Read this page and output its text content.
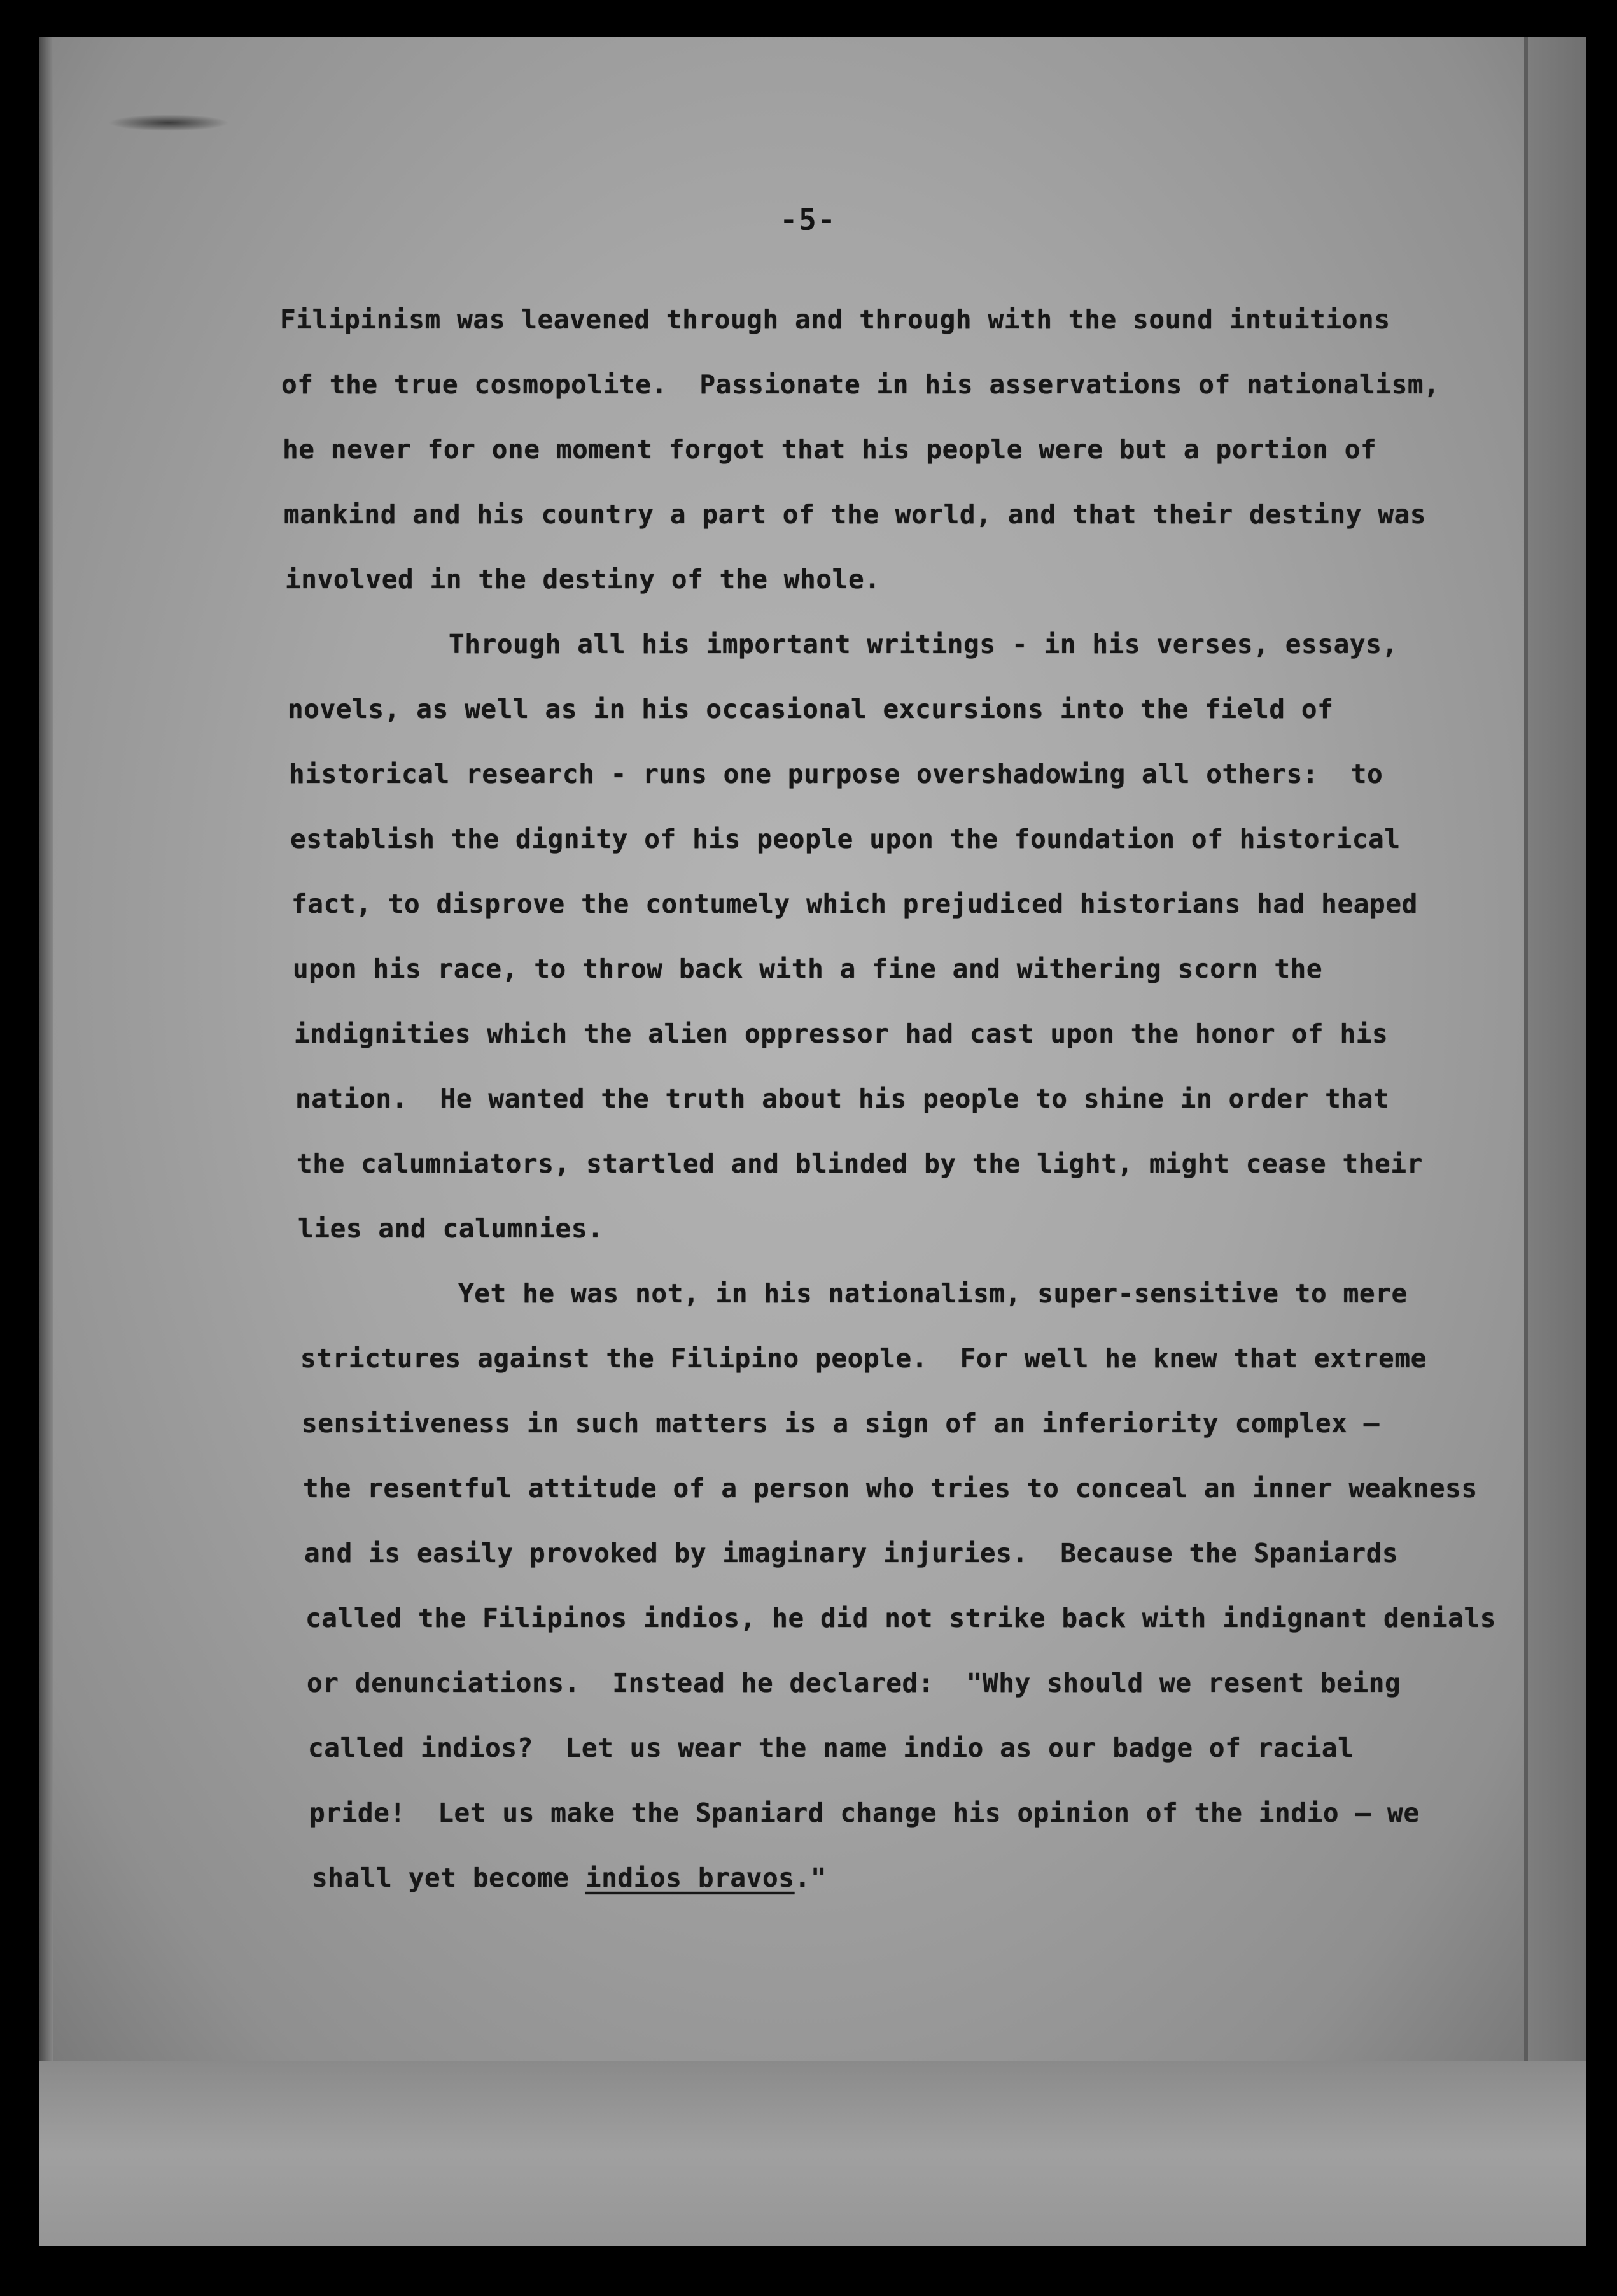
-5-
Filipinism was leavened through and through with the sound intuitions
of the true cosmopolite.  Passionate in his asservations of nationalism,
he never for one moment forgot that his people were but a portion of
mankind and his country a part of the world, and that their destiny was
involved in the destiny of the whole.
Through all his important writings - in his verses, essays,
novels, as well as in his occasional excursions into the field of
historical research - runs one purpose overshadowing all others:  to
establish the dignity of his people upon the foundation of historical
fact, to disprove the contumely which prejudiced historians had heaped
upon his race, to throw back with a fine and withering scorn the
indignities which the alien oppressor had cast upon the honor of his
nation.  He wanted the truth about his people to shine in order that
the calumniators, startled and blinded by the light, might cease their
lies and calumnies.
Yet he was not, in his nationalism, super-sensitive to mere
strictures against the Filipino people.  For well he knew that extreme
sensitiveness in such matters is a sign of an inferiority complex —
the resentful attitude of a person who tries to conceal an inner weakness
and is easily provoked by imaginary injuries.  Because the Spaniards
called the Filipinos indios, he did not strike back with indignant denials
or denunciations.  Instead he declared:  "Why should we resent being
called indios?  Let us wear the name indio as our badge of racial
pride!  Let us make the Spaniard change his opinion of the indio — we
shall yet become indios bravos."
